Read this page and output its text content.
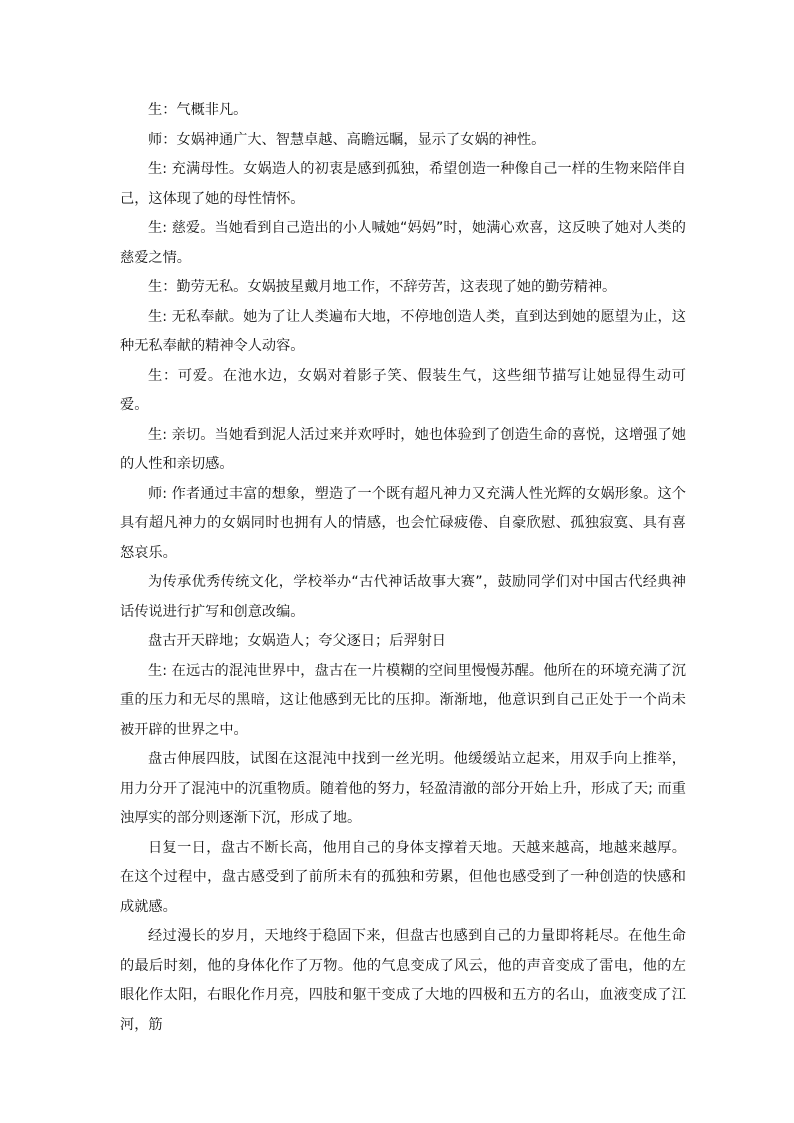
生：气概非凡。

师：女娲神通广大、智慧卓越、高瞻远瞩，显示了女娲的神性。

生: 充满母性。女娲造人的初衷是感到孤独，希望创造一种像自己一样的生物来陪伴自己，这体现了她的母性情怀。

生: 慈爱。当她看到自己造出的小人喊她“妈妈”时，她满心欢喜，这反映了她对人类的慈爱之情。

生：勤劳无私。女娲披星戴月地工作，不辞劳苦，这表现了她的勤劳精神。

生: 无私奉献。她为了让人类遍布大地，不停地创造人类，直到达到她的愿望为止，这种无私奉献的精神令人动容。

生：可爱。在池水边，女娲对着影子笑、假装生气，这些细节描写让她显得生动可爱。

生: 亲切。当她看到泥人活过来并欢呼时，她也体验到了创造生命的喜悦，这增强了她的人性和亲切感。

师: 作者通过丰富的想象，塑造了一个既有超凡神力又充满人性光辉的女娲形象。这个具有超凡神力的女娲同时也拥有人的情感，也会忙碌疲倦、自豪欣慰、孤独寂寞、具有喜怒哀乐。

为传承优秀传统文化，学校举办“古代神话故事大赛”，鼓励同学们对中国古代经典神话传说进行扩写和创意改编。

盘古开天辟地；女娲造人；夸父逐日；后羿射日

生: 在远古的混沌世界中，盘古在一片模糊的空间里慢慢苏醒。他所在的环境充满了沉重的压力和无尽的黑暗，这让他感到无比的压抑。渐渐地，他意识到自己正处于一个尚未被开辟的世界之中。

盘古伸展四肢，试图在这混沌中找到一丝光明。他缓缓站立起来，用双手向上推举，用力分开了混沌中的沉重物质。随着他的努力，轻盈清澈的部分开始上升，形成了天; 而重浊厚实的部分则逐渐下沉，形成了地。

日复一日，盘古不断长高，他用自己的身体支撑着天地。天越来越高，地越来越厚。在这个过程中，盘古感受到了前所未有的孤独和劳累，但他也感受到了一种创造的快感和成就感。

经过漫长的岁月，天地终于稳固下来，但盘古也感到自己的力量即将耗尽。在他生命的最后时刻，他的身体化作了万物。他的气息变成了风云，他的声音变成了雷电，他的左眼化作太阳，右眼化作月亮，四肢和躯干变成了大地的四极和五方的名山，血液变成了江河，筋
